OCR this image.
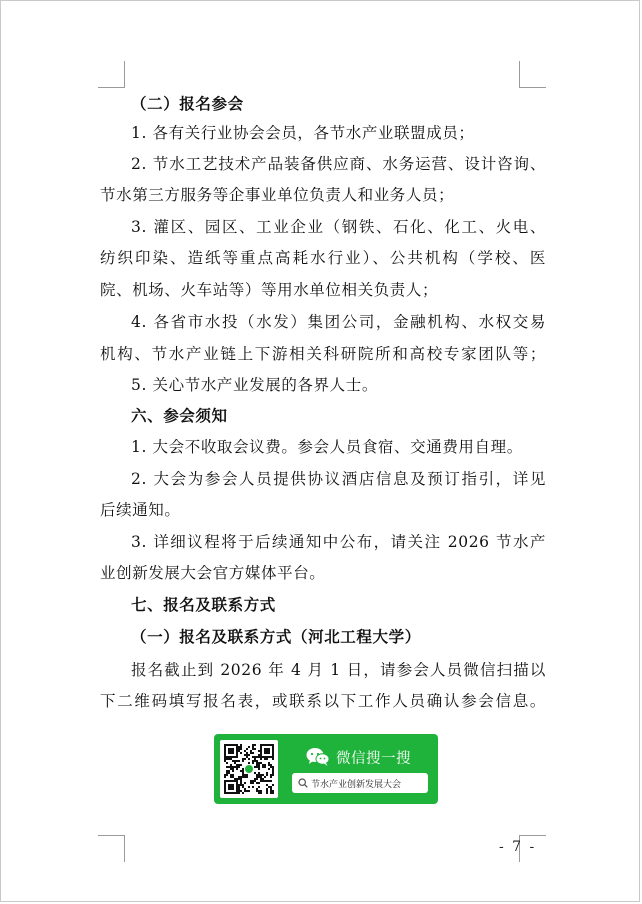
（二）报名参会
1. 各有关行业协会会员，各节水产业联盟成员；
2. 节水工艺技术产品装备供应商、水务运营、设计咨询、
节水第三方服务等企事业单位负责人和业务人员；
3. 灌区、园区、工业企业（钢铁、石化、化工、火电、
纺织印染、造纸等重点高耗水行业）、公共机构（学校、医
院、机场、火车站等）等用水单位相关负责人；
4. 各省市水投（水发）集团公司，金融机构、水权交易
机构、节水产业链上下游相关科研院所和高校专家团队等；
5. 关心节水产业发展的各界人士。
六、参会须知
1. 大会不收取会议费。参会人员食宿、交通费用自理。
2. 大会为参会人员提供协议酒店信息及预订指引，详见
后续通知。
3. 详细议程将于后续通知中公布，请关注 2026 节水产
业创新发展大会官方媒体平台。
七、报名及联系方式
（一）报名及联系方式（河北工程大学）
报名截止到 2026 年 4 月 1 日，请参会人员微信扫描以
下二维码填写报名表，或联系以下工作人员确认参会信息。
微信搜一搜
节水产业创新发展大会
- 7 -
